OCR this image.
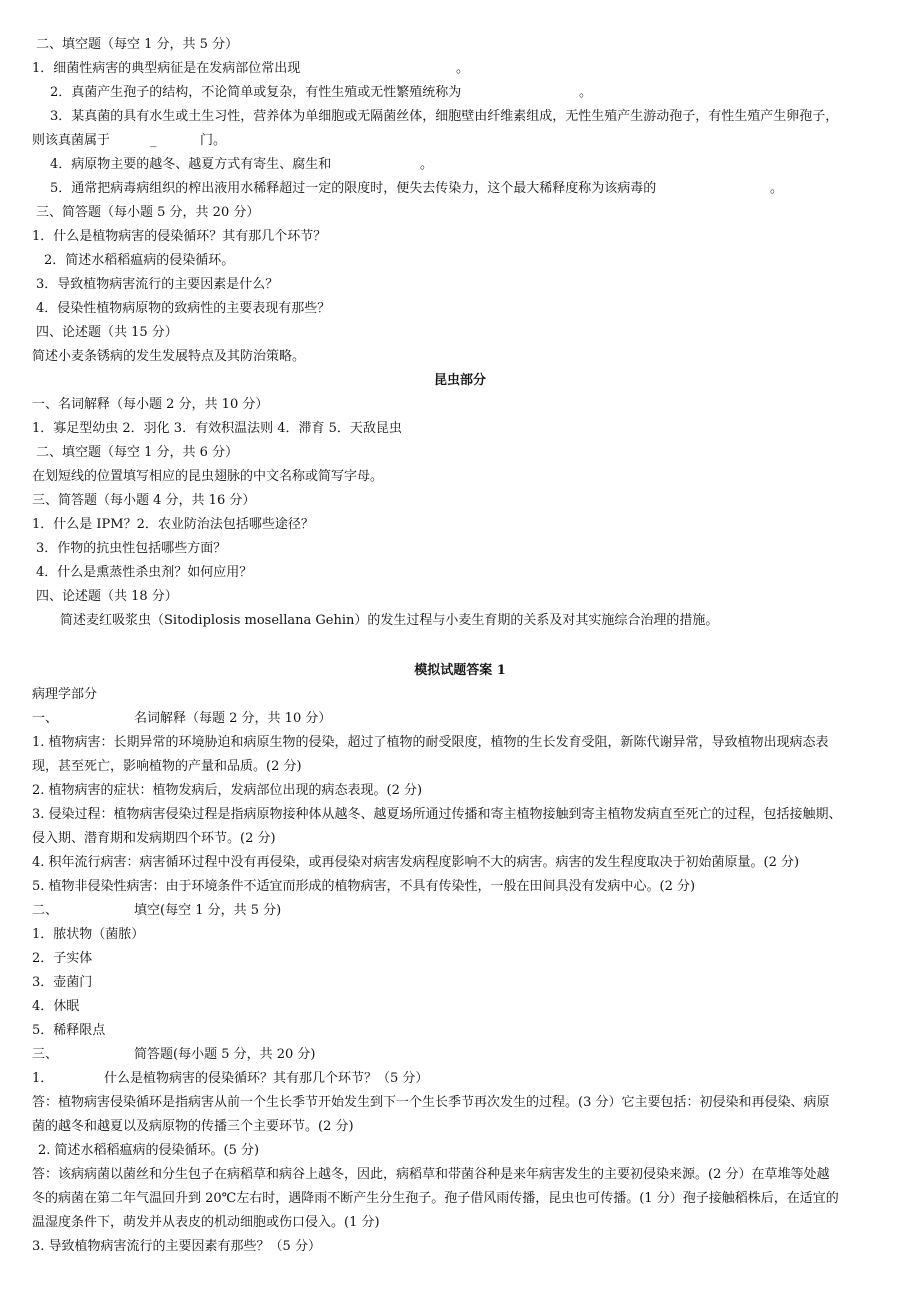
二、填空题（每空 1 分，共 5 分）
1．细菌性病害的典型病征是在发病部位常出现	。
2．真菌产生孢子的结构，不论简单或复杂，有性生殖或无性繁殖统称为	。
3．某真菌的具有水生或土生习性，营养体为单细胞或无隔菌丝体，细胞壁由纤维素组成，无性生殖产生游动孢子，有性生殖产生卵孢子，
则该真菌属于	_	门。
4．病原物主要的越冬、越夏方式有寄生、腐生和	。
5．通常把病毒病组织的榨出液用水稀释超过一定的限度时，便失去传染力，这个最大稀释度称为该病毒的	。
三、简答题（每小题 5 分，共 20 分）
1．什么是植物病害的侵染循环？其有那几个环节？
2．简述水稻稻瘟病的侵染循环。
3．导致植物病害流行的主要因素是什么？
4．侵染性植物病原物的致病性的主要表现有那些？
四、论述题（共 15 分）
简述小麦条锈病的发生发展特点及其防治策略。
昆虫部分
一、名词解释（每小题 2 分，共 10 分）
1．寡足型幼虫 2．羽化 3．有效积温法则 4．滞育 5．天敌昆虫
二、填空题（每空 1 分，共 6 分）
在划短线的位置填写相应的昆虫翅脉的中文名称或简写字母。
三、简答题（每小题 4 分，共 16 分）
1．什么是 IPM？2．农业防治法包括哪些途径？
3．作物的抗虫性包括哪些方面？
4．什么是熏蒸性杀虫剂？如何应用？
四、论述题（共 18 分）
简述麦红吸浆虫（Sitodiplosis mosellana Gehin）的发生过程与小麦生育期的关系及对其实施综合治理的措施。
模拟试题答案 1
病理学部分
一、	名词解释（每题 2 分，共 10 分）
1. 植物病害：长期异常的环境胁迫和病原生物的侵染，超过了植物的耐受限度，植物的生长发育受阻，新陈代谢异常，导致植物出现病态表
现，甚至死亡，影响植物的产量和品质。(2 分)
2. 植物病害的症状：植物发病后，发病部位出现的病态表现。(2 分)
3. 侵染过程：植物病害侵染过程是指病原物接种体从越冬、越夏场所通过传播和寄主植物接触到寄主植物发病直至死亡的过程，包括接触期、
侵入期、潜育期和发病期四个环节。(2 分)
4. 积年流行病害：病害循环过程中没有再侵染，或再侵染对病害发病程度影响不大的病害。病害的发生程度取决于初始菌原量。(2 分)
5. 植物非侵染性病害：由于环境条件不适宜而形成的植物病害，不具有传染性，一般在田间具没有发病中心。(2 分)
二、	填空(每空 1 分，共 5 分)
1．脓状物（菌脓）
2．子实体
3．壶菌门
4．休眠
5．稀释限点
三、	简答题(每小题 5 分，共 20 分)
1．	什么是植物病害的侵染循环？其有那几个环节？（5 分）
答：植物病害侵染循环是指病害从前一个生长季节开始发生到下一个生长季节再次发生的过程。(3 分）它主要包括：初侵染和再侵染、病原
菌的越冬和越夏以及病原物的传播三个主要环节。(2 分)
2. 简述水稻稻瘟病的侵染循环。(5 分)
答：该病病菌以菌丝和分生包子在病稻草和病谷上越冬，因此，病稻草和带菌谷种是来年病害发生的主要初侵染来源。(2 分）在草堆等处越
冬的病菌在第二年气温回升到 20℃左右时，遇降雨不断产生分生孢子。孢子借风雨传播，昆虫也可传播。(1 分）孢子接触稻株后，在适宜的
温湿度条件下，萌发并从表皮的机动细胞或伤口侵入。(1 分)
3. 导致植物病害流行的主要因素有那些？（5 分）
